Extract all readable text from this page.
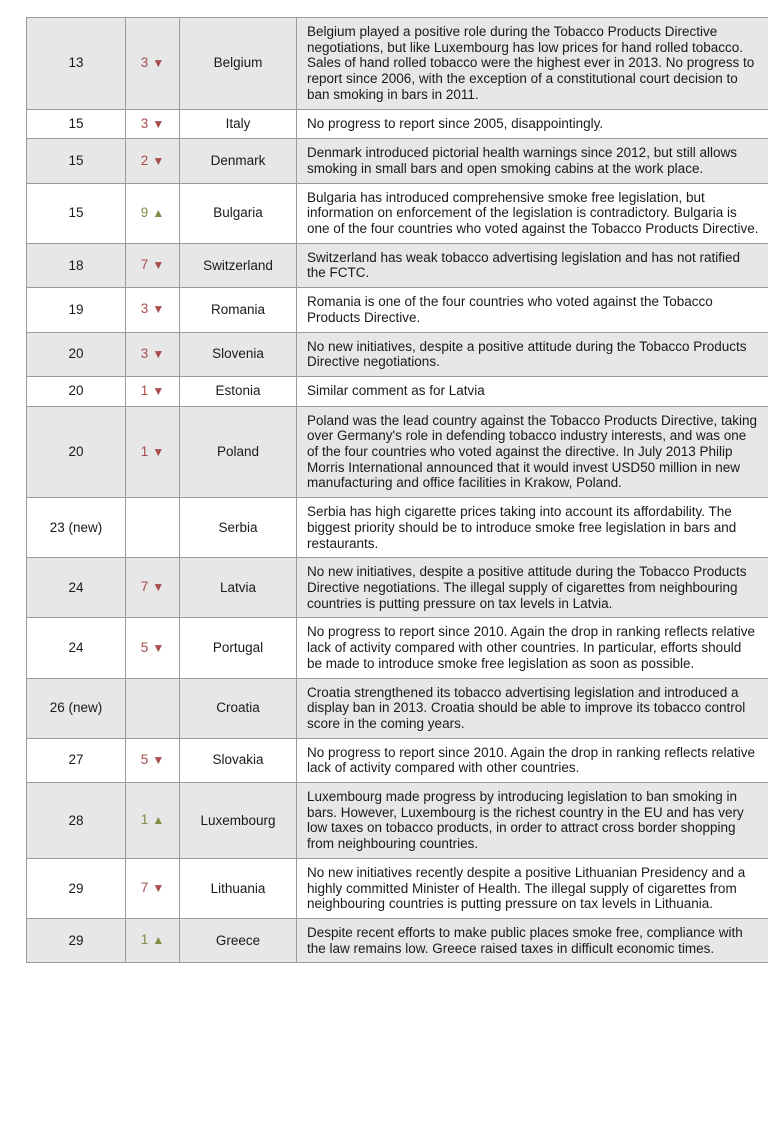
13	3 ▼	Belgium	Belgium played a positive role during the Tobacco Products Directive negotiations, but like Luxembourg has low prices for hand rolled tobacco. Sales of hand rolled tobacco were the highest ever in 2013. No progress to report since 2006, with the exception of a constitutional court decision to ban smoking in bars in 2011.
15	3 ▼	Italy	No progress to report since 2005, disappointingly.
15	2 ▼	Denmark	Denmark introduced pictorial health warnings since 2012, but still allows smoking in small bars and open smoking cabins at the work place.
15	9 ▲	Bulgaria	Bulgaria has introduced comprehensive smoke free legislation, but information on enforcement of the legislation is contradictory. Bulgaria is one of the four countries who voted against the Tobacco Products Directive.
18	7 ▼	Switzerland	Switzerland has weak tobacco advertising legislation and has not ratified the FCTC.
19	3 ▼	Romania	Romania is one of the four countries who voted against the Tobacco Products Directive.
20	3 ▼	Slovenia	No new initiatives, despite a positive attitude during the Tobacco Products Directive negotiations.
20	1 ▼	Estonia	Similar comment as for Latvia
20	1 ▼	Poland	Poland was the lead country against the Tobacco Products Directive, taking over Germany's role in defending tobacco industry interests, and was one of the four countries who voted against the directive. In July 2013 Philip Morris International announced that it would invest USD50 million in new manufacturing and office facilities in Krakow, Poland.
23 (new)		Serbia	Serbia has high cigarette prices taking into account its affordability. The biggest priority should be to introduce smoke free legislation in bars and restaurants.
24	7 ▼	Latvia	No new initiatives, despite a positive attitude during the Tobacco Products Directive negotiations. The illegal supply of cigarettes from neighbouring countries is putting pressure on tax levels in Latvia.
24	5 ▼	Portugal	No progress to report since 2010. Again the drop in ranking reflects relative lack of activity compared with other countries. In particular, efforts should be made to introduce smoke free legislation as soon as possible.
26 (new)		Croatia	Croatia strengthened its tobacco advertising legislation and introduced a display ban in 2013. Croatia should be able to improve its tobacco control score in the coming years.
27	5 ▼	Slovakia	No progress to report since 2010. Again the drop in ranking reflects relative lack of activity compared with other countries.
28	1 ▲	Luxembourg	Luxembourg made progress by introducing legislation to ban smoking in bars. However, Luxembourg is the richest country in the EU and has very low taxes on tobacco products, in order to attract cross border shopping from neighbouring countries.
29	7 ▼	Lithuania	No new initiatives recently despite a positive Lithuanian Presidency and a highly committed Minister of Health. The illegal supply of cigarettes from neighbouring countries is putting pressure on tax levels in Lithuania.
29	1 ▲	Greece	Despite recent efforts to make public places smoke free, compliance with the law remains low. Greece raised taxes in difficult economic times.
